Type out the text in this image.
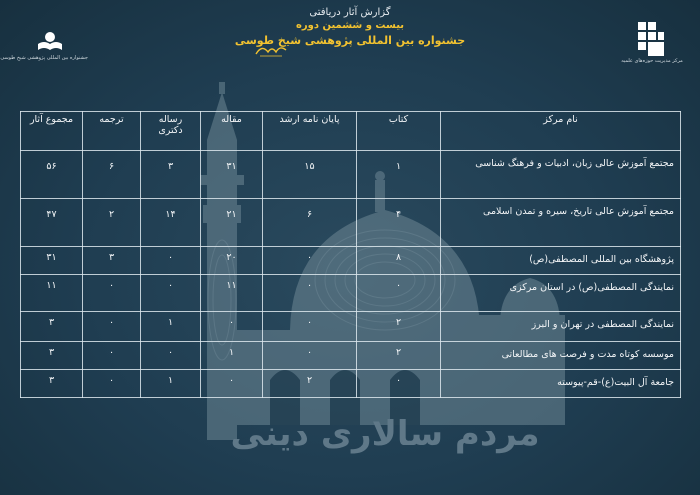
گزارش آثار دریافتی
بیست و ششمین دوره
جشنواره بین المللی پژوهشی شیخ طوسی
مرکز مدیریت حوزه‌های علمیه
جشنواره بین المللی پژوهشی شیخ طوسی
نام مرکز	کتاب	پایان نامه ارشد	مقاله	رساله دکتری	ترجمه	مجموع آثار
مجتمع آموزش عالی زبان، ادبیات و فرهنگ شناسی	۱	۱۵	۳۱	۳	۶	۵۶
مجتمع آموزش عالی تاریخ، سیره و تمدن اسلامی	۴	۶	۲۱	۱۴	۲	۴۷
پژوهشگاه بین المللی المصطفی(ص)	۸	۰	۲۰	۰	۳	۳۱
نمایندگی المصطفی(ص) در استان مرکزی	۰	۰	۱۱	۰	۰	۱۱
نمایندگی المصطفی در تهران و البرز	۲	۰	۰	۱	۰	۳
موسسه کوتاه مدت و فرصت های مطالعاتی	۲	۰	۱	۰	۰	۳
جامعة آل البیت(ع)-قم-پیوسته	۰	۲	۰	۱	۰	۳
مردم سالاری دینی
